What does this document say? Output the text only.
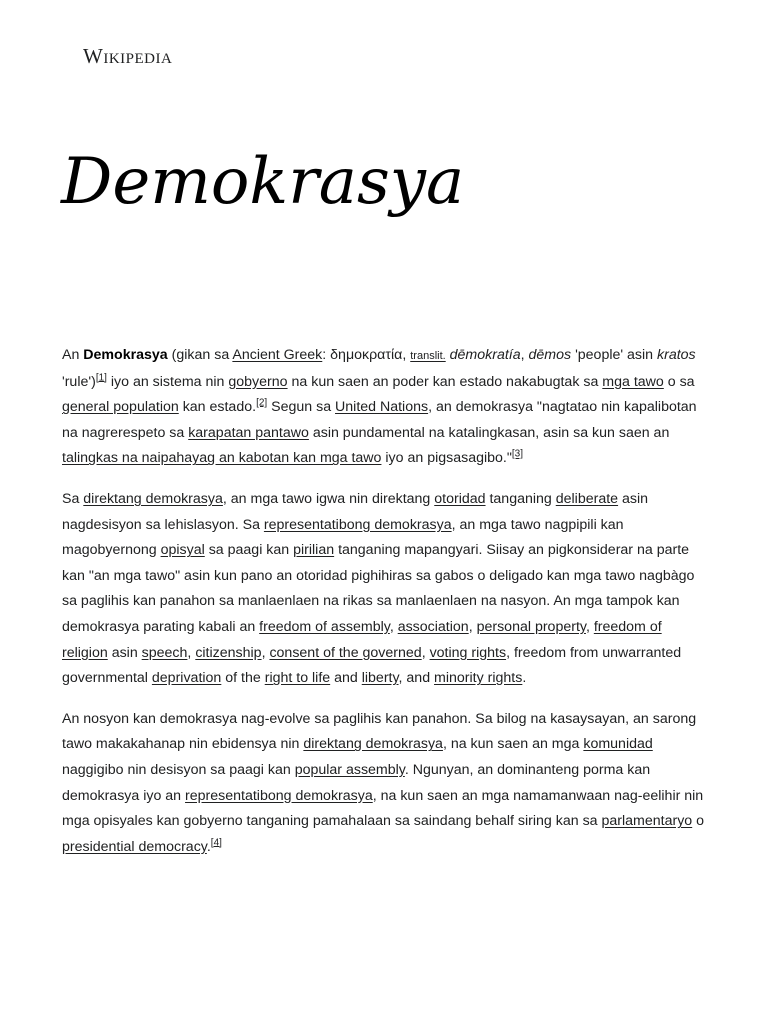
Wikipedia
Demokrasya

An Demokrasya (gikan sa Ancient Greek: δημοκρατία, translit. dēmokratía, dēmos 'people' asin kratos 'rule')[1] iyo an sistema nin gobyerno na kun saen an poder kan estado nakabugtak sa mga tawo o sa general population kan estado.[2] Segun sa United Nations, an demokrasya "nagtatao nin kapalibotan na nagrerespeto sa karapatan pantawo asin pundamental na katalingkasan, asin sa kun saen an talingkas na naipahayag an kabotan kan mga tawo iyo an pigsasagibo."[3]

Sa direktang demokrasya, an mga tawo igwa nin direktang otoridad tanganing deliberate asin nagdesisyon sa lehislasyon. Sa representatibong demokrasya, an mga tawo nagpipili kan magobyernong opisyal sa paagi kan pirilian tanganing mapangyari. Siisay an pigkonsiderar na parte kan "an mga tawo" asin kun pano an otoridad pighihiras sa gabos o deligado kan mga tawo nagbàgo sa paglihis kan panahon sa manlaenlaen na rikas sa manlaenlaen na nasyon. An mga tampok kan demokrasya parating kabali an freedom of assembly, association, personal property, freedom of religion asin speech, citizenship, consent of the governed, voting rights, freedom from unwarranted governmental deprivation of the right to life and liberty, and minority rights.

An nosyon kan demokrasya nag-evolve sa paglihis kan panahon. Sa bilog na kasaysayan, an sarong tawo makakahanap nin ebidensya nin direktang demokrasya, na kun saen an mga komunidad naggigibo nin desisyon sa paagi kan popular assembly. Ngunyan, an dominanteng porma kan demokrasya iyo an representatibong demokrasya, na kun saen an mga namamanwaan nag-eelihir nin mga opisyales kan gobyerno tanganing pamahalaan sa saindang behalf siring kan sa parlamentaryo o presidential democracy.[4]
